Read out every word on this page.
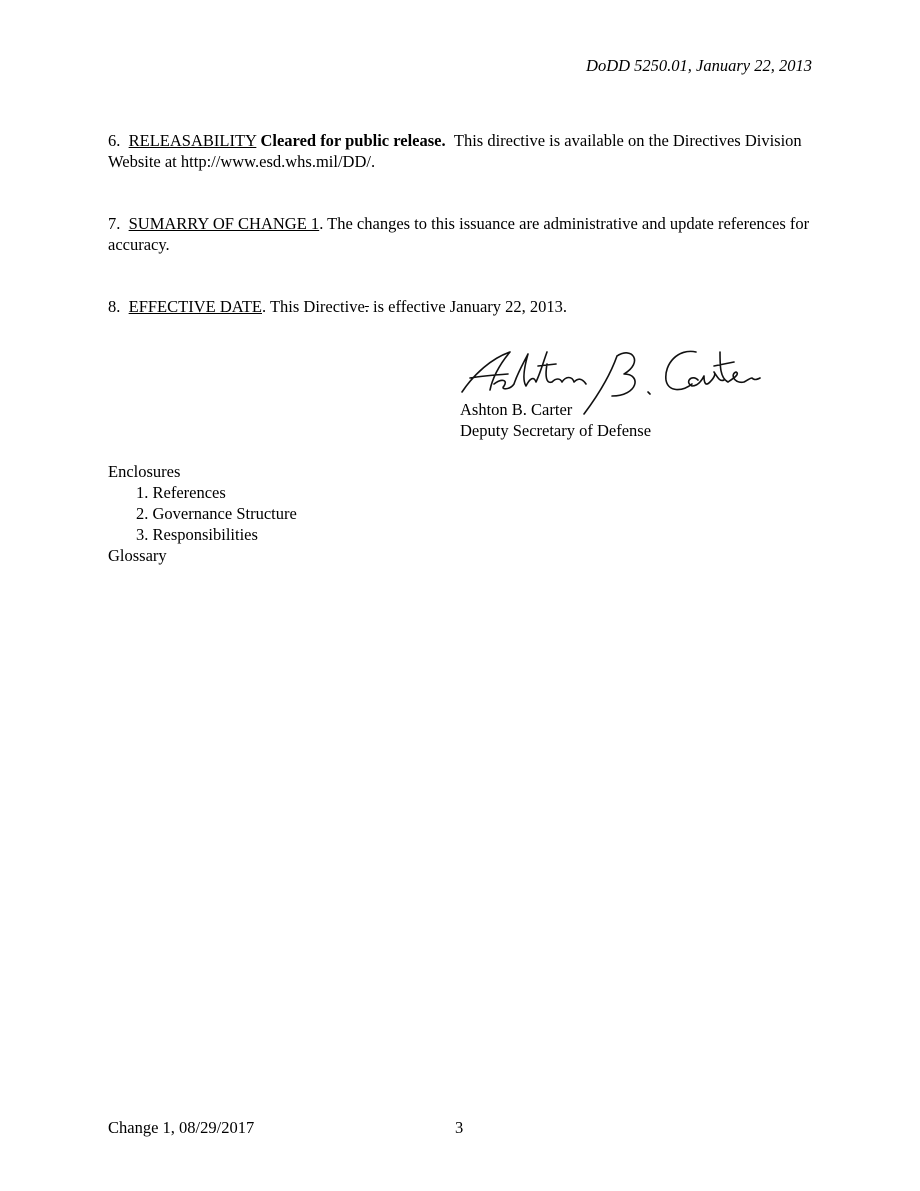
DoDD 5250.01, January 22, 2013
6. RELEASABILITY Cleared for public release. This directive is available on the Directives Division Website at http://www.esd.whs.mil/DD/.
7. SUMARRY OF CHANGE 1. The changes to this issuance are administrative and update references for accuracy.
8. EFFECTIVE DATE. This Directive. is effective January 22, 2013.
Ashton B. Carter
Deputy Secretary of Defense
Enclosures
1. References
2. Governance Structure
3. Responsibilities
Glossary
Change 1, 08/29/2017	3
